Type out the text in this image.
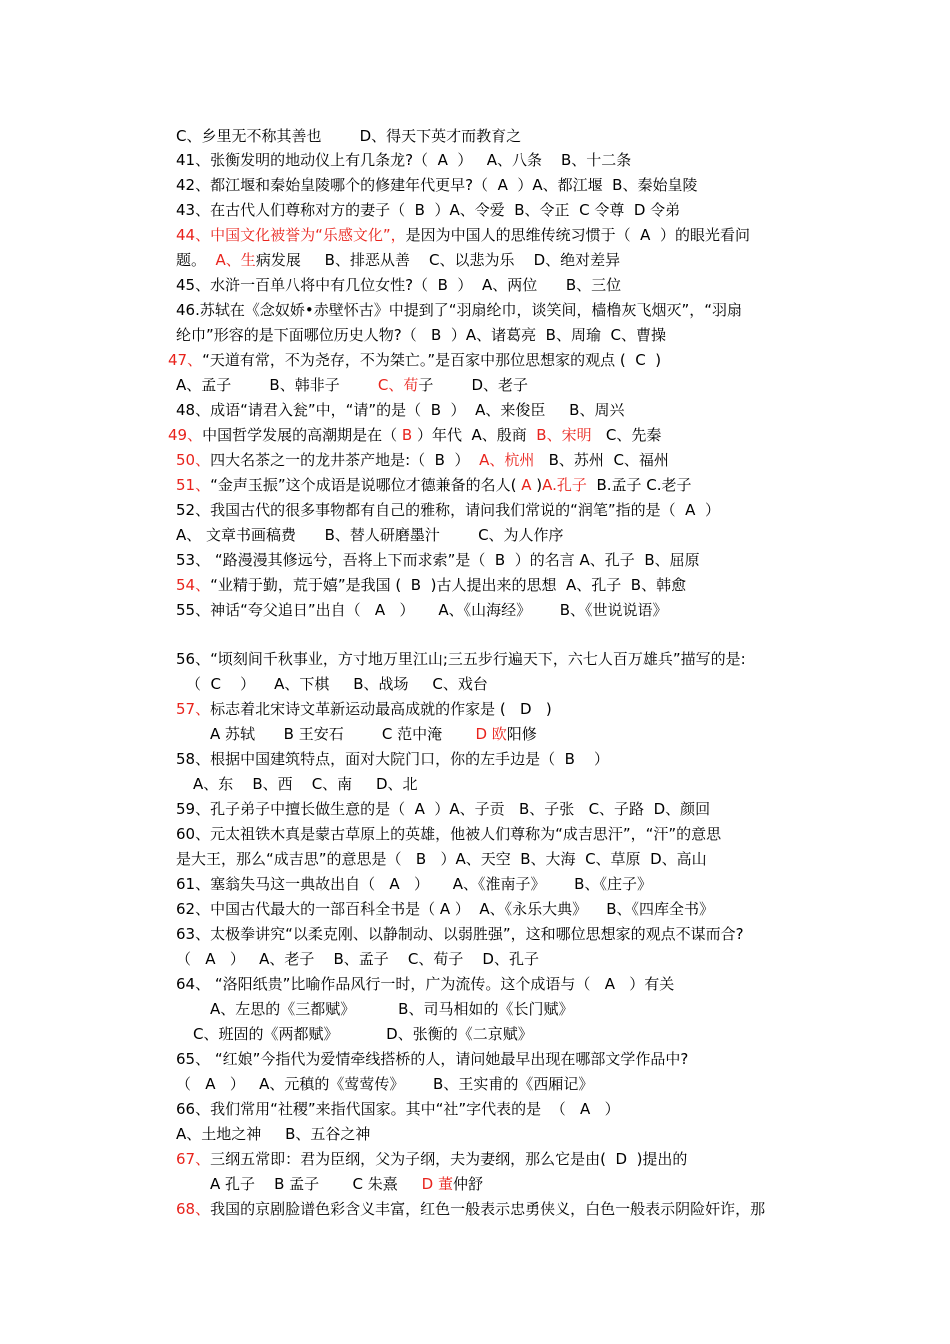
C、乡里无不称其善也        D、得天下英才而教育之
41、张衡发明的地动仪上有几条龙?（  A  ）   A、八条    B、十二条
42、都江堰和秦始皇陵哪个的修建年代更早?（  A  ）A、都江堰  B、秦始皇陵
43、在古代人们尊称对方的妻子（  B  ）A、令爱  B、令正  C 令尊  D 令弟
44、中国文化被誉为“乐感文化”，是因为中国人的思维传统习惯于（  A  ）的眼光看问
题。  A、生病发展     B、排恶从善    C、以悲为乐    D、绝对差异
45、水浒一百单八将中有几位女性?（  B  ）  A、两位      B、三位
46.苏轼在《念奴娇•赤壁怀古》中提到了“羽扇纶巾，谈笑间，樯橹灰飞烟灭”，“羽扇
纶巾”形容的是下面哪位历史人物?（   B  ）A、诸葛亮  B、周瑜  C、曹操
47、“天道有常，不为尧存，不为桀亡。”是百家中那位思想家的观点 (  C  )
A、孟子        B、韩非子        C、荀子        D、老子
48、成语“请君入瓮”中，“请”的是（  B  ）  A、来俊臣     B、周兴
49、中国哲学发展的高潮期是在（ B ）年代  A、殷商  B、宋明   C、先秦
50、四大名茶之一的龙井茶产地是:（  B  ）  A、杭州   B、苏州  C、福州
51、“金声玉振”这个成语是说哪位才德兼备的名人( A )A.孔子  B.孟子 C.老子
52、我国古代的很多事物都有自己的雅称，请问我们常说的“润笔”指的是（  A  ）
A、 文章书画稿费      B、替人研磨墨汁        C、为人作序
53、 “路漫漫其修远兮，吾将上下而求索”是（  B  ）的名言 A、孔子  B、屈原
54、“业精于勤，荒于嬉”是我国 (  B  )古人提出来的思想  A、孔子  B、韩愈
55、神话“夸父追日”出自（   A   ）     A、《山海经》      B、《世说说语》
56、“顷刻间千秋事业，方寸地万里江山;三五步行遍天下，六七人百万雄兵”描写的是:
（  C    ）    A、下棋     B、战场     C、戏台
57、标志着北宋诗文革新运动最高成就的作家是 (   D   )
A 苏轼      B 王安石        C 范中淹       D 欧阳修
58、根据中国建筑特点，面对大院门口，你的左手边是（  B    ）
A、东    B、西    C、南     D、北
59、孔子弟子中擅长做生意的是（  A  ）A、子贡   B、子张   C、子路  D、颜回
60、元太祖铁木真是蒙古草原上的英雄，他被人们尊称为“成吉思汗”，“汗”的意思
是大王，那么“成吉思”的意思是（   B   ）A、天空  B、大海  C、草原  D、高山
61、塞翁失马这一典故出自（   A   ）     A、《淮南子》      B、《庄子》
62、中国古代最大的一部百科全书是（ A ）  A、《永乐大典》    B、《四库全书》
63、太极拳讲究“以柔克刚、以静制动、以弱胜强”，这和哪位思想家的观点不谋而合?
（   A   ）   A、老子    B、孟子    C、荀子    D、孔子
64、 “洛阳纸贵”比喻作品风行一时，广为流传。这个成语与（   A   ）有关
A、左思的《三都赋》         B、司马相如的《长门赋》
C、班固的《两都赋》          D、张衡的《二京赋》
65、 “红娘”今指代为爱情牵线搭桥的人，请问她最早出现在哪部文学作品中?
（   A   ）   A、元稹的《莺莺传》      B、王实甫的《西厢记》
66、我们常用“社稷”来指代国家。其中“社”字代表的是  （   A   ）
A、土地之神     B、五谷之神
67、三纲五常即：君为臣纲，父为子纲，夫为妻纲，那么它是由(  D  )提出的
A 孔子    B 孟子       C 朱熹     D 董仲舒
68、我国的京剧脸谱色彩含义丰富，红色一般表示忠勇侠义，白色一般表示阴险奸诈，那
